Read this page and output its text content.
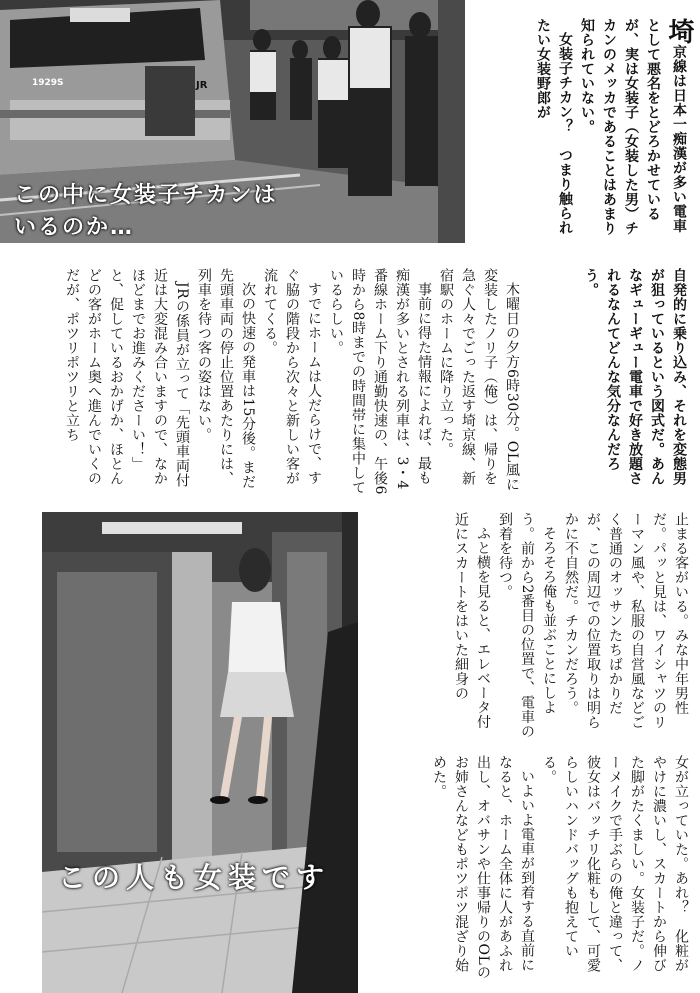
1929S	JR
この中に女装子チカンは
いるのか…

埼京線は日本一痴漢が多い電車として悪名をとどろかせているが、実は女装子（女装した男）チカンのメッカであることはあまり知られていない。

女装子チカン？　つまり触られたい女装野郎が

自発的に乗り込み、それを変態男が狙っているという図式だ。あんなギューギュー電車で好き放題されるなんてどんな気分なんだろう。

木曜日の夕方6時30分。OL風に変装したノリ子（俺）は、帰りを急ぐ人々でごった返す埼京線、新宿駅のホームに降り立った。

事前に得た情報によれば、最も痴漢が多いとされる列車は、3・4番線ホーム下り通勤快速の、午後6時から8時までの時間帯に集中しているらしい。

すでにホームは人だらけで、すぐ脇の階段から次々と新しい客が流れてくる。

次の快速の発車は15分後。まだ先頭車両の停止位置あたりには、列車を待つ客の姿はない。

JRの係員が立って「先頭車両付近は大変混み合いますので、なかほどまでお進みくださーい！」と、促しているおかげか、ほとんどの客がホーム奥へ進んでいくのだが、ポツリポツリと立ち

この人も女装です

止まる客がいる。みな中年男性だ。パッと見は、ワイシャツのリーマン風や、私服の自営風などごく普通のオッサンたちばかりだが、この周辺での位置取りは明らかに不自然だ。チカンだろう。

そろそろ俺も並ぶことにしよう。前から2番目の位置で、電車の到着を待つ。

ふと横を見ると、エレベータ付近にスカートをはいた細身の

女が立っていた。あれ？　化粧がやけに濃いし、スカートから伸びた脚がたくましい。女装子だ。ノーメイクで手ぶらの俺と違って、彼女はバッチリ化粧もして、可愛らしいハンドバッグも抱えている。

いよいよ電車が到着する直前になると、ホーム全体に人があふれ出し、オバサンや仕事帰りのOLのお姉さんなどもポツポツ混ざり始めた。
